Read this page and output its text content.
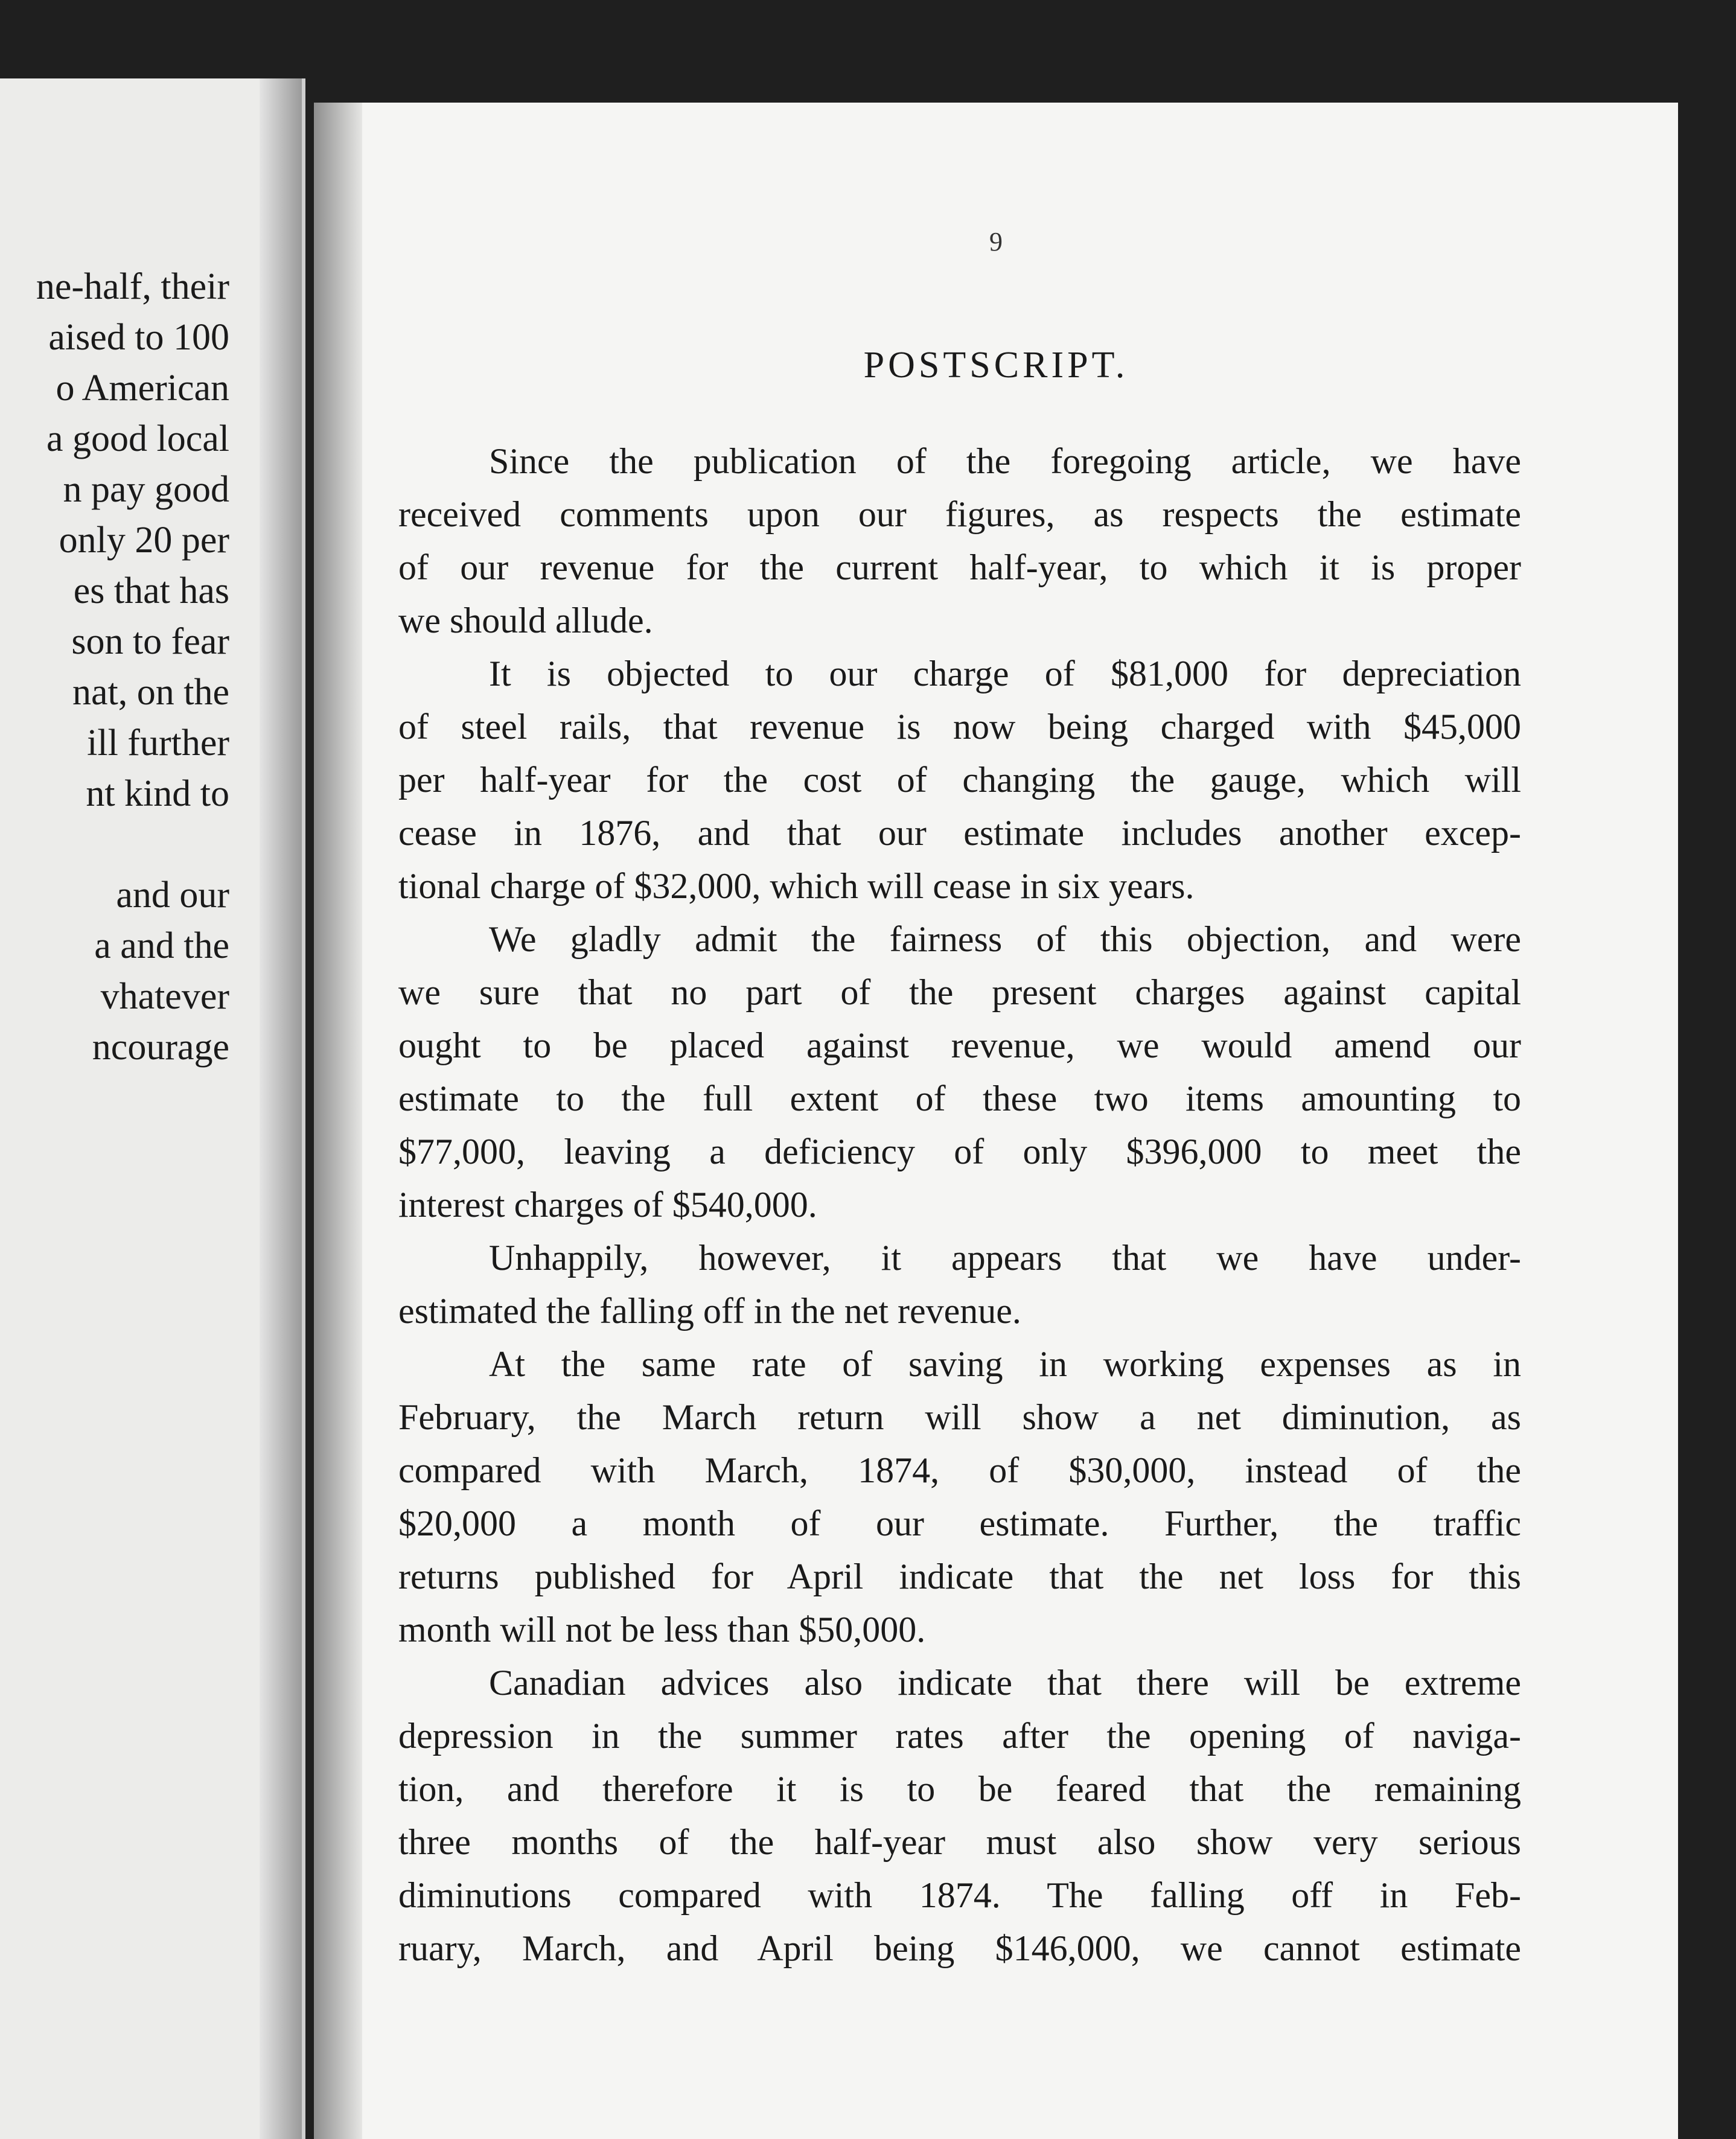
ne-half, their
aised to 100
o American
a good local
n pay good
only 20 per
es that has
son to fear
nat, on the
ill further
nt kind to
and our
a and the
vhatever
ncourage
9
POSTSCRIPT.
Since the publication of the foregoing article, we have
received comments upon our figures, as respects the estimate
of our revenue for the current half-year, to which it is proper
we should allude.
It is objected to our charge of $81,000 for depreciation
of steel rails, that revenue is now being charged with $45,000
per half-year for the cost of changing the gauge, which will
cease in 1876, and that our estimate includes another excep-
tional charge of $32,000, which will cease in six years.
We gladly admit the fairness of this objection, and were
we sure that no part of the present charges against capital
ought to be placed against revenue, we would amend our
estimate to the full extent of these two items amounting to
$77,000, leaving a deficiency of only $396,000 to meet the
interest charges of $540,000.
Unhappily, however, it appears that we have under-
estimated the falling off in the net revenue.
At the same rate of saving in working expenses as in
February, the March return will show a net diminution, as
compared with March, 1874, of $30,000, instead of the
$20,000 a month of our estimate. Further, the traffic
returns published for April indicate that the net loss for this
month will not be less than $50,000.
Canadian advices also indicate that there will be extreme
depression in the summer rates after the opening of naviga-
tion, and therefore it is to be feared that the remaining
three months of the half-year must also show very serious
diminutions compared with 1874. The falling off in Feb-
ruary, March, and April being $146,000, we cannot estimate
